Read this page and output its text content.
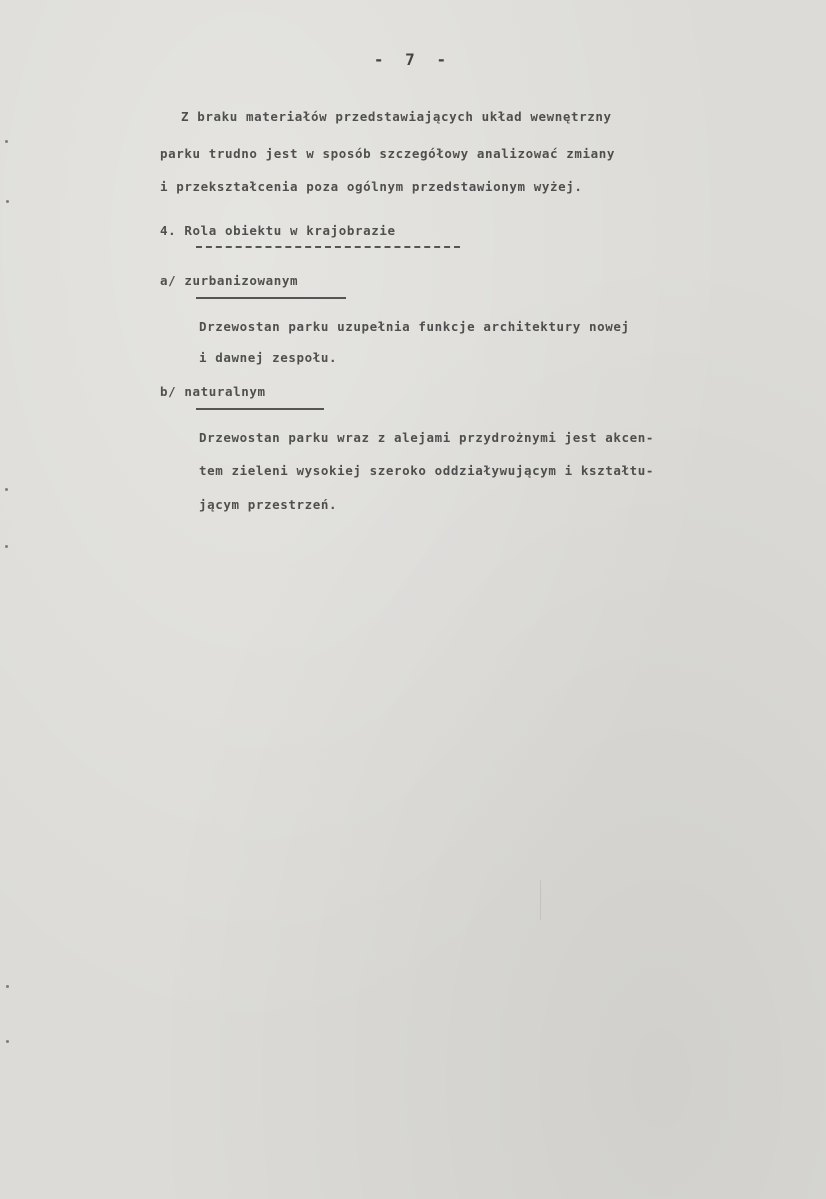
- 7 -
Z braku materiałów przedstawiających układ wewnętrzny
parku trudno jest w sposób szczegółowy analizować zmiany
i przekształcenia poza ogólnym przedstawionym wyżej.
4. Rola obiektu w krajobrazie
a/ zurbanizowanym
Drzewostan parku uzupełnia funkcje architektury nowej
i dawnej zespołu.
b/ naturalnym
Drzewostan parku wraz z alejami przydrożnymi jest akcen-
tem zieleni wysokiej szeroko oddziaływującym i kształtu-
jącym przestrzeń.
